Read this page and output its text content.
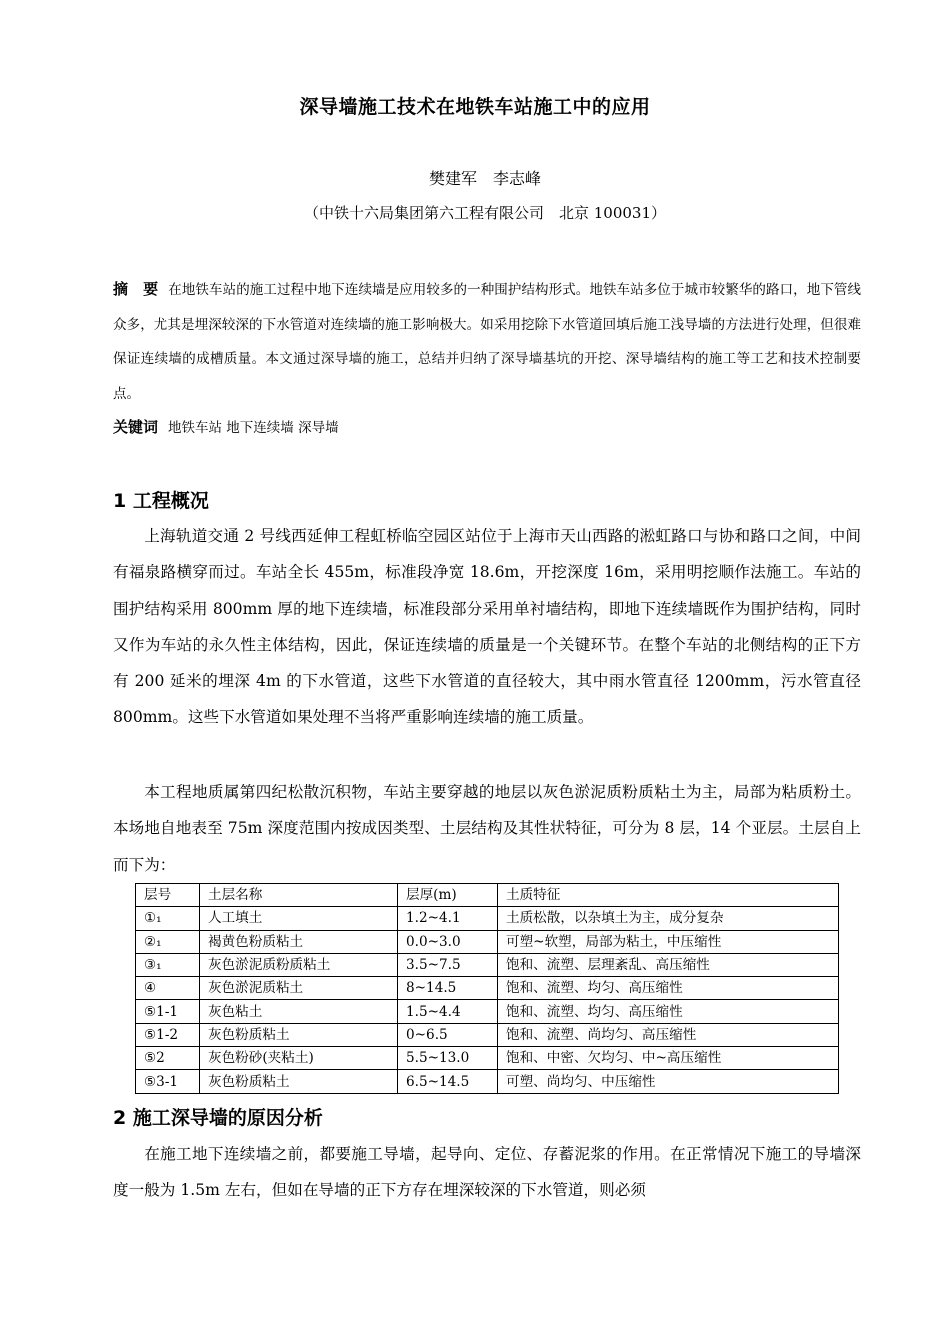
深导墙施工技术在地铁车站施工中的应用
樊建军　李志峰
（中铁十六局集团第六工程有限公司　北京 100031）
摘　要 在地铁车站的施工过程中地下连续墙是应用较多的一种围护结构形式。地铁车站多位于城市较繁华的路口，地下管线众多，尤其是埋深较深的下水管道对连续墙的施工影响极大。如采用挖除下水管道回填后施工浅导墙的方法进行处理，但很难保证连续墙的成槽质量。本文通过深导墙的施工，总结并归纳了深导墙基坑的开挖、深导墙结构的施工等工艺和技术控制要点。
关键词 地铁车站 地下连续墙 深导墙
1 工程概况
上海轨道交通 2 号线西延伸工程虹桥临空园区站位于上海市天山西路的淞虹路口与协和路口之间，中间有福泉路横穿而过。车站全长 455m，标准段净宽 18.6m，开挖深度 16m，采用明挖顺作法施工。车站的围护结构采用 800mm 厚的地下连续墙，标准段部分采用单衬墙结构，即地下连续墙既作为围护结构，同时又作为车站的永久性主体结构，因此，保证连续墙的质量是一个关键环节。在整个车站的北侧结构的正下方有 200 延米的埋深 4m 的下水管道，这些下水管道的直径较大，其中雨水管直径 1200mm，污水管直径 800mm。这些下水管道如果处理不当将严重影响连续墙的施工质量。
本工程地质属第四纪松散沉积物，车站主要穿越的地层以灰色淤泥质粉质粘土为主，局部为粘质粉土。本场地自地表至 75m 深度范围内按成因类型、土层结构及其性状特征，可分为 8 层，14 个亚层。土层自上而下为：
层号	土层名称	层厚(m)	土质特征
①₁	人工填土	1.2~4.1	土质松散，以杂填土为主，成分复杂
②₁	褐黄色粉质粘土	0.0~3.0	可塑~软塑，局部为粘土，中压缩性
③₁	灰色淤泥质粉质粘土	3.5~7.5	饱和、流塑、层理紊乱、高压缩性
④	灰色淤泥质粘土	8~14.5	饱和、流塑、均匀、高压缩性
⑤1-1	灰色粘土	1.5~4.4	饱和、流塑、均匀、高压缩性
⑤1-2	灰色粉质粘土	0~6.5	饱和、流塑、尚均匀、高压缩性
⑤2	灰色粉砂(夹粘土)	5.5~13.0	饱和、中密、欠均匀、中~高压缩性
⑤3-1	灰色粉质粘土	6.5~14.5	可塑、尚均匀、中压缩性
2 施工深导墙的原因分析
在施工地下连续墙之前，都要施工导墙，起导向、定位、存蓄泥浆的作用。在正常情况下施工的导墙深度一般为 1.5m 左右，但如在导墙的正下方存在埋深较深的下水管道，则必须
